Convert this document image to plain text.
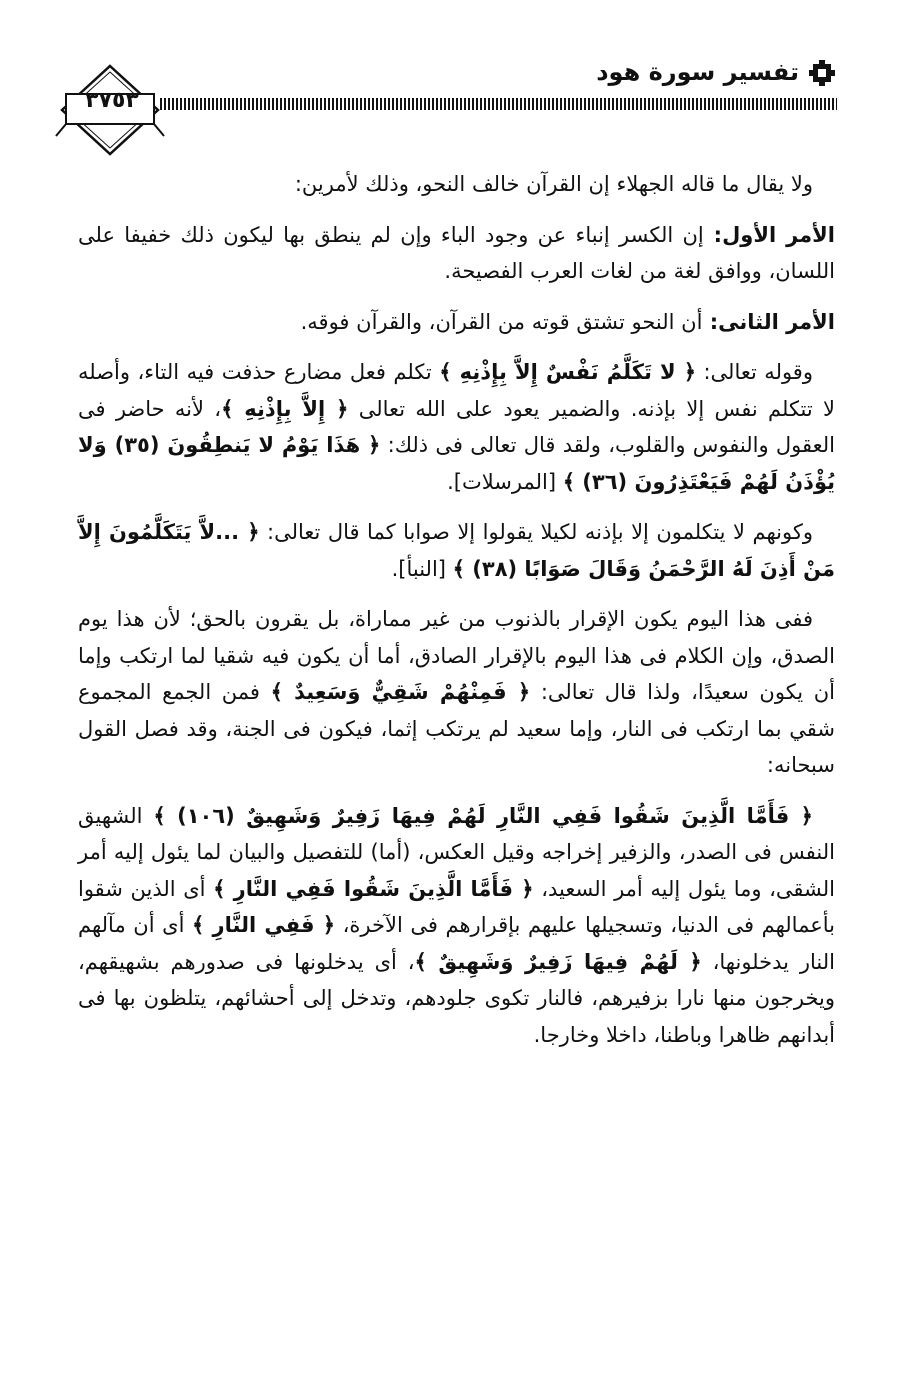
تفسير سورة هود
٣٧٥٣

ولا يقال ما قاله الجهلاء إن القرآن خالف النحو، وذلك لأمرين:

الأمر الأول: إن الكسر إنباء عن وجود الباء وإن لم ينطق بها ليكون ذلك خفيفا على اللسان، ووافق لغة من لغات العرب الفصيحة.

الأمر الثانى: أن النحو تشتق قوته من القرآن، والقرآن فوقه.

وقوله تعالى: ﴿ لا تَكَلَّمُ نَفْسٌ إِلاَّ بِإِذْنِهِ ﴾ تكلم فعل مضارع حذفت فيه التاء، وأصله لا تتكلم نفس إلا بإذنه. والضمير يعود على الله تعالى ﴿ إِلاَّ بِإِذْنِهِ ﴾، لأنه حاضر فى العقول والنفوس والقلوب، ولقد قال تعالى فى ذلك: ﴿ هَذَا يَوْمُ لا يَنطِقُونَ (٣٥) وَلا يُؤْذَنُ لَهُمْ فَيَعْتَذِرُونَ (٣٦) ﴾ [المرسلات].

وكونهم لا يتكلمون إلا بإذنه لكيلا يقولوا إلا صوابا كما قال تعالى: ﴿ ...لاَّ يَتَكَلَّمُونَ إِلاَّ مَنْ أَذِنَ لَهُ الرَّحْمَنُ وَقَالَ صَوَابًا (٣٨) ﴾ [النبأ].

ففى هذا اليوم يكون الإقرار بالذنوب من غير مماراة، بل يقرون بالحق؛ لأن هذا يوم الصدق، وإن الكلام فى هذا اليوم بالإقرار الصادق، أما أن يكون فيه شقيا لما ارتكب وإما أن يكون سعيدًا، ولذا قال تعالى: ﴿ فَمِنْهُمْ شَقِيٌّ وَسَعِيدٌ ﴾ فمن الجمع المجموع شقي بما ارتكب فى النار، وإما سعيد لم يرتكب إثما، فيكون فى الجنة، وقد فصل القول سبحانه:

﴿ فَأَمَّا الَّذِينَ شَقُوا فَفِي النَّارِ لَهُمْ فِيهَا زَفِيرٌ وَشَهِيقٌ (١٠٦) ﴾ الشهيق النفس فى الصدر، والزفير إخراجه وقيل العكس، (أما) للتفصيل والبيان لما يئول إليه أمر الشقى، وما يئول إليه أمر السعيد، ﴿ فَأَمَّا الَّذِينَ شَقُوا فَفِي النَّارِ ﴾ أى الذين شقوا بأعمالهم فى الدنيا، وتسجيلها عليهم بإقرارهم فى الآخرة، ﴿ فَفِي النَّارِ ﴾ أى أن مآلهم النار يدخلونها، ﴿ لَهُمْ فِيهَا زَفِيرٌ وَشَهِيقٌ ﴾، أى يدخلونها فى صدورهم بشهيقهم، ويخرجون منها نارا بزفيرهم، فالنار تكوى جلودهم، وتدخل إلى أحشائهم، يتلظون بها فى أبدانهم ظاهرا وباطنا، داخلا وخارجا.
